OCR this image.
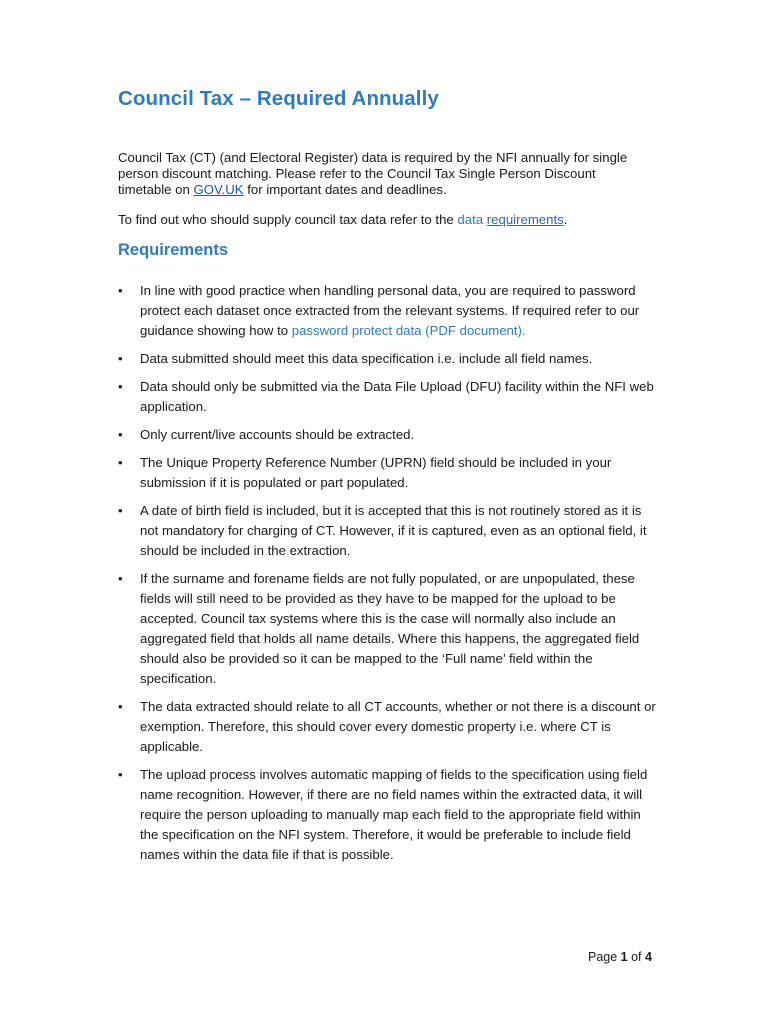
Council Tax – Required Annually

Council Tax (CT) (and Electoral Register) data is required by the NFI annually for single person discount matching. Please refer to the Council Tax Single Person Discount timetable on GOV.UK for important dates and deadlines.

To find out who should supply council tax data refer to the data requirements.

Requirements
• In line with good practice when handling personal data, you are required to password protect each dataset once extracted from the relevant systems. If required refer to our guidance showing how to password protect data (PDF document).
• Data submitted should meet this data specification i.e. include all field names.
• Data should only be submitted via the Data File Upload (DFU) facility within the NFI web application.
• Only current/live accounts should be extracted.
• The Unique Property Reference Number (UPRN) field should be included in your submission if it is populated or part populated.
• A date of birth field is included, but it is accepted that this is not routinely stored as it is not mandatory for charging of CT. However, if it is captured, even as an optional field, it should be included in the extraction.
• If the surname and forename fields are not fully populated, or are unpopulated, these fields will still need to be provided as they have to be mapped for the upload to be accepted. Council tax systems where this is the case will normally also include an aggregated field that holds all name details. Where this happens, the aggregated field should also be provided so it can be mapped to the ‘Full name’ field within the specification.
• The data extracted should relate to all CT accounts, whether or not there is a discount or exemption. Therefore, this should cover every domestic property i.e. where CT is applicable.
• The upload process involves automatic mapping of fields to the specification using field name recognition. However, if there are no field names within the extracted data, it will require the person uploading to manually map each field to the appropriate field within the specification on the NFI system. Therefore, it would be preferable to include field names within the data file if that is possible.
Page 1 of 4
